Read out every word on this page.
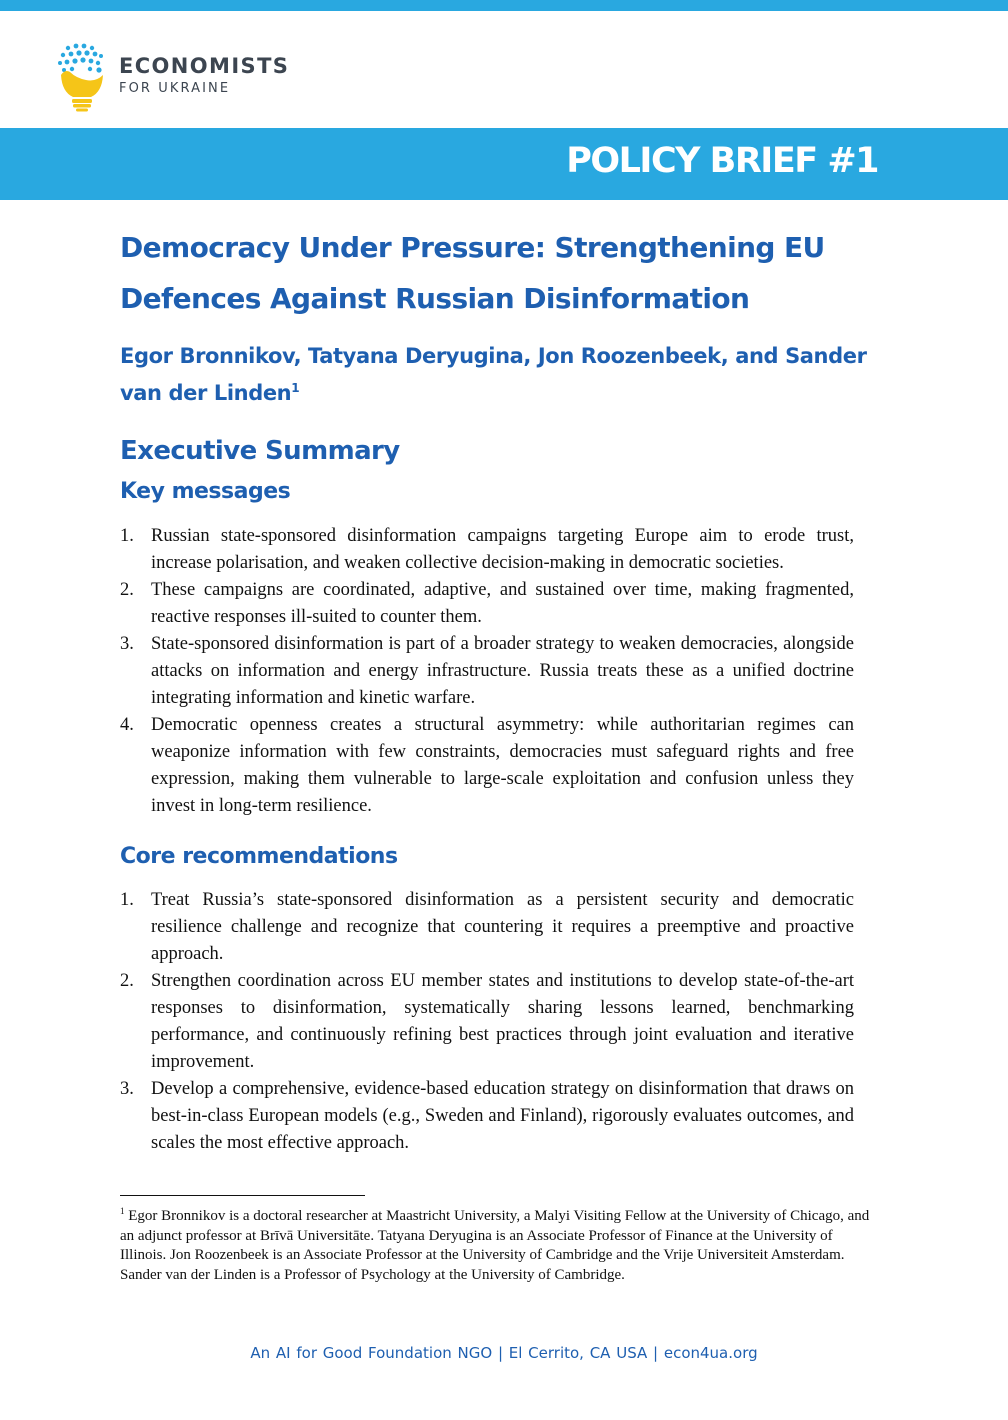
ECONOMISTS
FOR UKRAINE
POLICY BRIEF #1
Democracy Under Pressure: Strengthening EU Defences Against Russian Disinformation

Egor Bronnikov, Tatyana Deryugina, Jon Roozenbeek, and Sander van der Linden$^1$

Executive Summary
Key messages
1. Russian state-sponsored disinformation campaigns targeting Europe aim to erode trust, increase polarisation, and weaken collective decision-making in democratic societies.
2. These campaigns are coordinated, adaptive, and sustained over time, making fragmented, reactive responses ill-suited to counter them.
3. State-sponsored disinformation is part of a broader strategy to weaken democracies, alongside attacks on information and energy infrastructure. Russia treats these as a unified doctrine integrating information and kinetic warfare.
4. Democratic openness creates a structural asymmetry: while authoritarian regimes can weaponize information with few constraints, democracies must safeguard rights and free expression, making them vulnerable to large-scale exploitation and confusion unless they invest in long-term resilience.
Core recommendations
1. Treat Russia’s state-sponsored disinformation as a persistent security and democratic resilience challenge and recognize that countering it requires a preemptive and proactive approach.
2. Strengthen coordination across EU member states and institutions to develop state-of-the-art responses to disinformation, systematically sharing lessons learned, benchmarking performance, and continuously refining best practices through joint evaluation and iterative improvement.
3. Develop a comprehensive, evidence-based education strategy on disinformation that draws on best-in-class European models (e.g., Sweden and Finland), rigorously evaluates outcomes, and scales the most effective approach.

$^1$ Egor Bronnikov is a doctoral researcher at Maastricht University, a Malyi Visiting Fellow at the University of Chicago, and an adjunct professor at Brīvā Universitāte. Tatyana Deryugina is an Associate Professor of Finance at the University of Illinois. Jon Roozenbeek is an Associate Professor at the University of Cambridge and the Vrije Universiteit Amsterdam. Sander van der Linden is a Professor of Psychology at the University of Cambridge.

An AI for Good Foundation NGO | El Cerrito, CA USA | econ4ua.org
